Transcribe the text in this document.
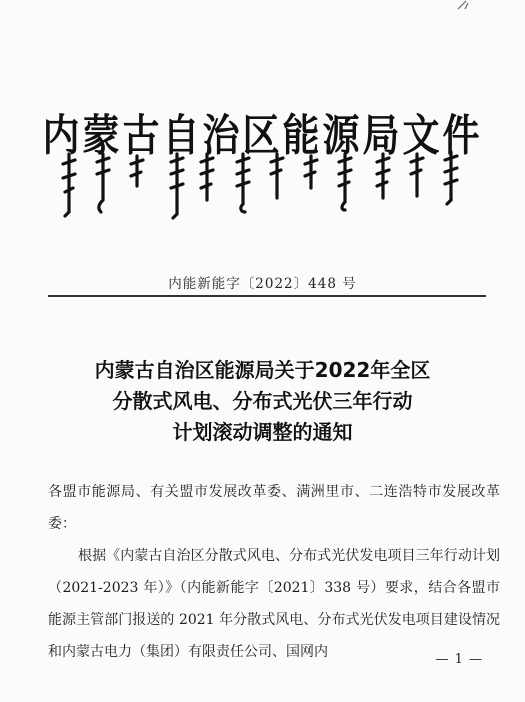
内蒙古自治区能源局文件
内能新能字〔2022〕448 号
内蒙古自治区能源局关于2022年全区
分散式风电、分布式光伏三年行动
计划滚动调整的通知

各盟市能源局、有关盟市发展改革委、满洲里市、二连浩特市发展改革委：

根据《内蒙古自治区分散式风电、分布式光伏发电项目三年行动计划（2021-2023 年）》（内能新能字〔2021〕338 号）要求，结合各盟市能源主管部门报送的 2021 年分散式风电、分布式光伏发电项目建设情况和内蒙古电力（集团）有限责任公司、国网内	— 1 —
